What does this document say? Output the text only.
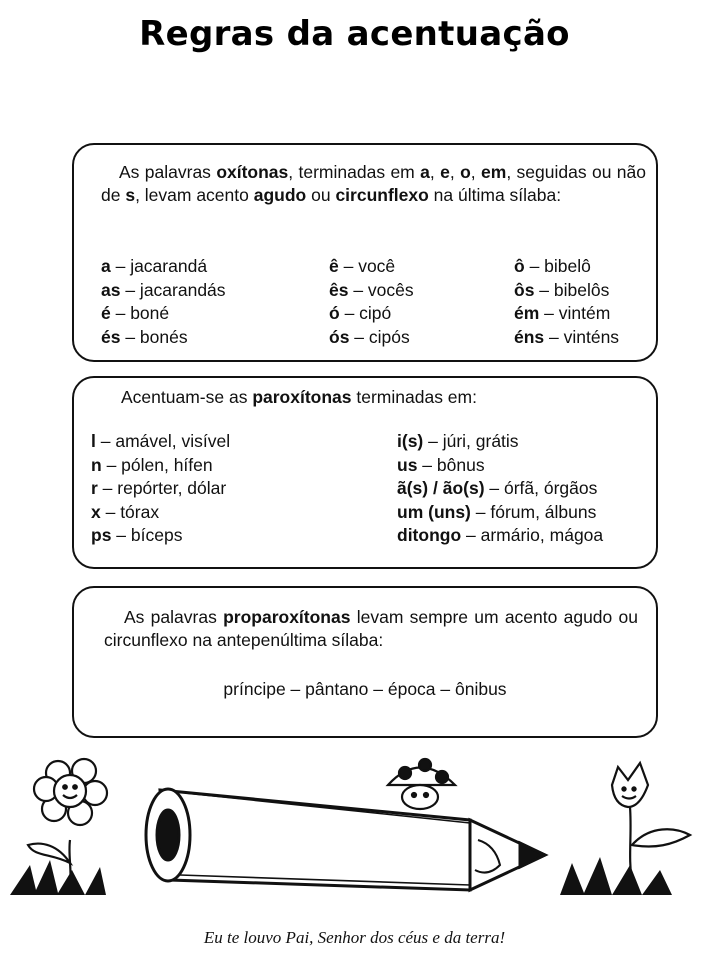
Regras da acentuação
As palavras oxítonas, terminadas em a, e, o, em, seguidas ou não de s, levam acento agudo ou circunflexo na última sílaba:
a – jacarandá
as – jacarandás
é – boné
és – bonés
ê – você
ês – vocês
ó – cipó
ós – cipós
ô – bibelô
ôs – bibelôs
ém – vintém
éns – vinténs
Acentuam-se as paroxítonas terminadas em:
l – amável, visível
n – pólen, hífen
r – repórter, dólar
x – tórax
ps – bíceps
i(s) – júri, grátis
us – bônus
ã(s) / ão(s) – órfã, órgãos
um (uns) – fórum, álbuns
ditongo – armário, mágoa
As palavras proparoxítonas levam sempre um acento agudo ou circunflexo na antepenúltima sílaba:
príncipe – pântano – época – ônibus
Eu te louvo Pai, Senhor dos céus e da terra!
